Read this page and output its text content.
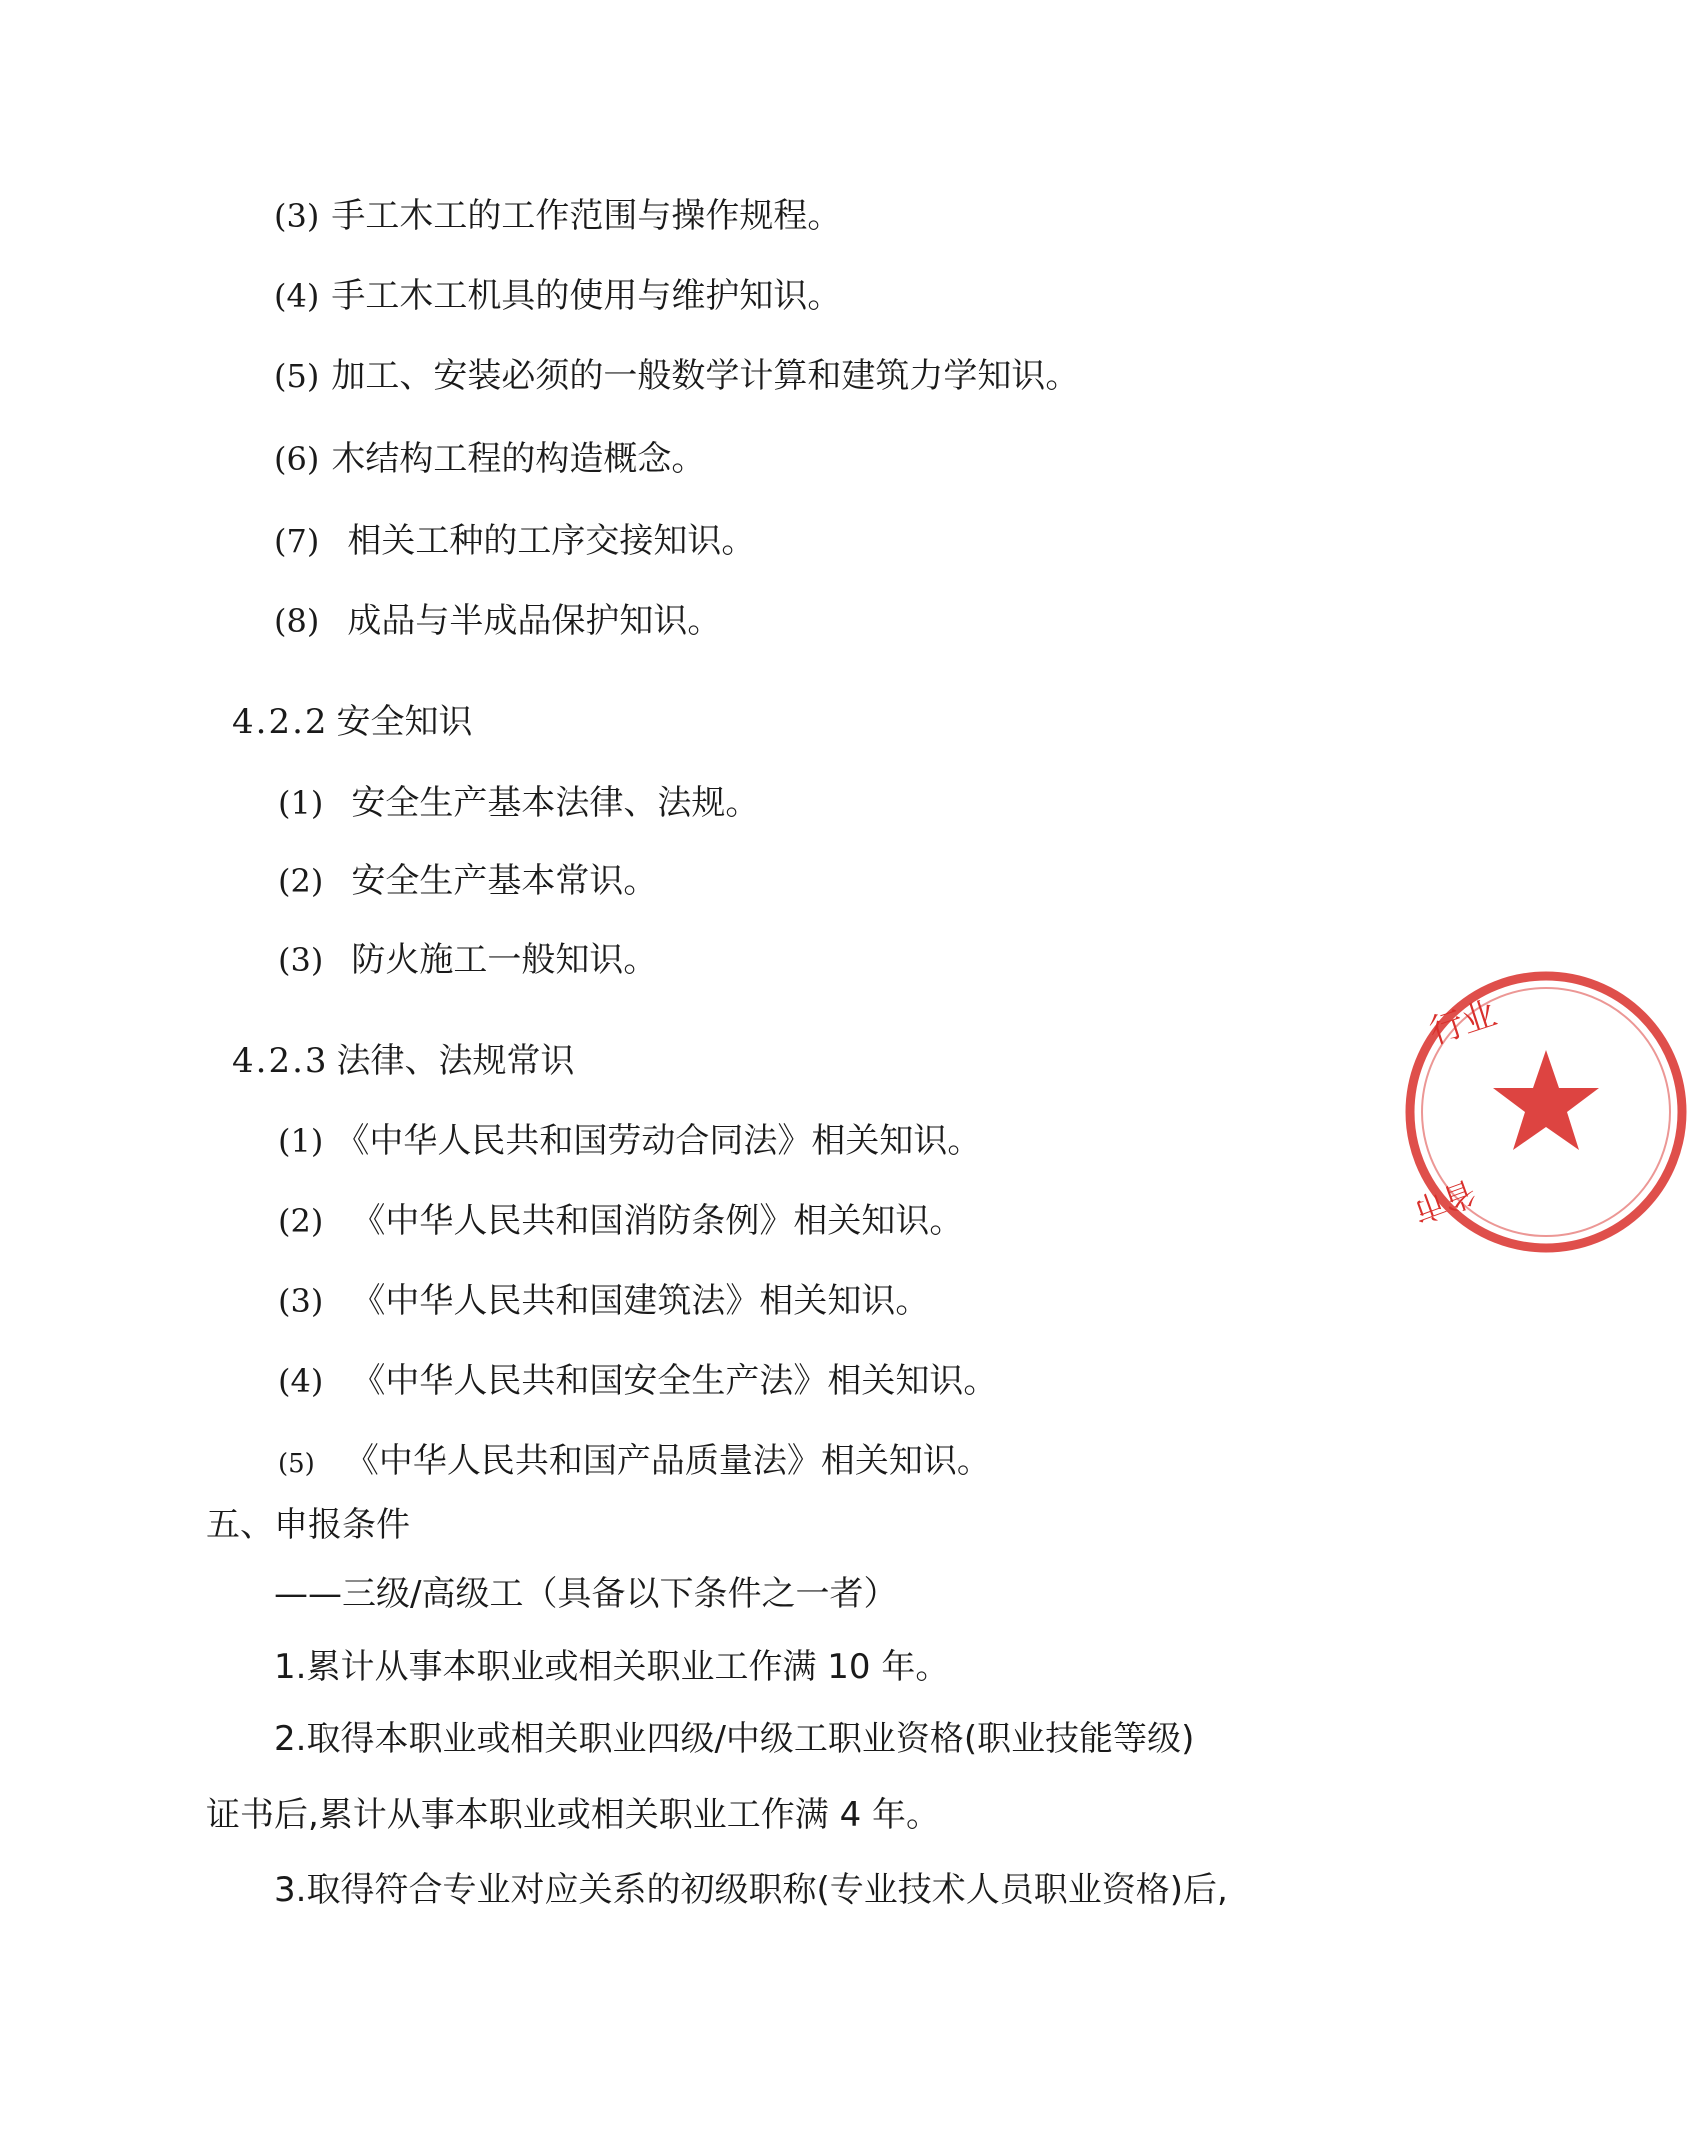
(3) 手工木工的工作范围与操作规程。
(4) 手工木工机具的使用与维护知识。
(5) 加工、安装必须的一般数学计算和建筑力学知识。
(6) 木结构工程的构造概念。
(7) 相关工种的工序交接知识。
(8) 成品与半成品保护知识。
4.2.2 安全知识
(1) 安全生产基本法律、法规。
(2) 安全生产基本常识。
(3) 防火施工一般知识。
4.2.3 法律、法规常识
(1) 《中华人民共和国劳动合同法》相关知识。
(2) 《中华人民共和国消防条例》相关知识。
(3) 《中华人民共和国建筑法》相关知识。
(4) 《中华人民共和国安全生产法》相关知识。
(5) 《中华人民共和国产品质量法》相关知识。
五、申报条件
——三级/高级工（具备以下条件之一者）
1.累计从事本职业或相关职业工作满 10 年。
2.取得本职业或相关职业四级/中级工职业资格(职业技能等级)
证书后,累计从事本职业或相关职业工作满 4 年。
3.取得符合专业对应关系的初级职称(专业技术人员职业资格)后,
行业
省市
